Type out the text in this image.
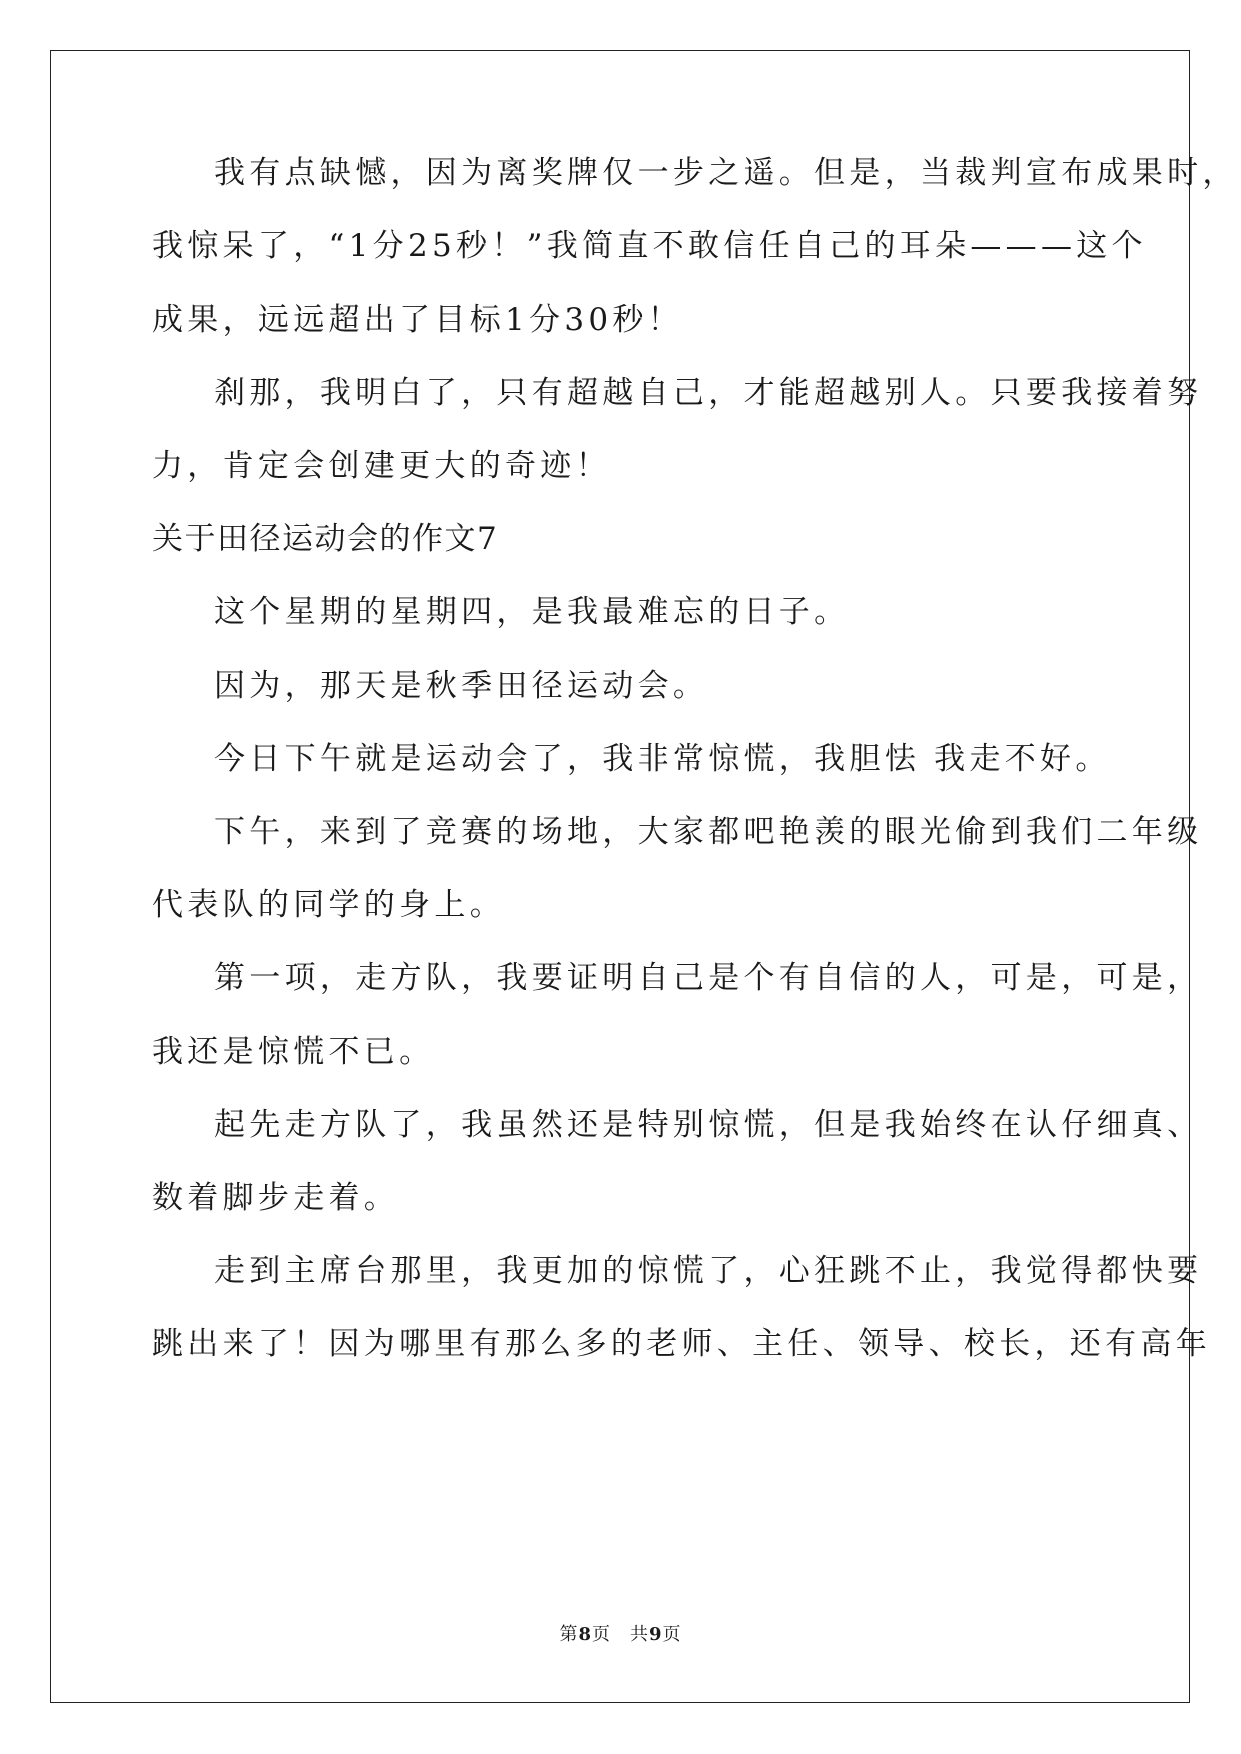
我有点缺憾，因为离奖牌仅一步之遥。但是，当裁判宣布成果时，
我惊呆了，“1分25秒！”我简直不敢信任自己的耳朵———这个
成果，远远超出了目标1分30秒！
刹那，我明白了，只有超越自己，才能超越别人。只要我接着努
力，肯定会创建更大的奇迹！
关于田径运动会的作文7
这个星期的星期四，是我最难忘的日子。
因为，那天是秋季田径运动会。
今日下午就是运动会了，我非常惊慌，我胆怯 我走不好。
下午，来到了竞赛的场地，大家都吧艳羡的眼光偷到我们二年级
代表队的同学的身上。
第一项，走方队，我要证明自己是个有自信的人，可是，可是，
我还是惊慌不已。
起先走方队了，我虽然还是特别惊慌，但是我始终在认仔细真、
数着脚步走着。
走到主席台那里，我更加的惊慌了，心狂跳不止，我觉得都快要
跳出来了！因为哪里有那么多的老师、主任、领导、校长，还有高年
第8页　共9页
